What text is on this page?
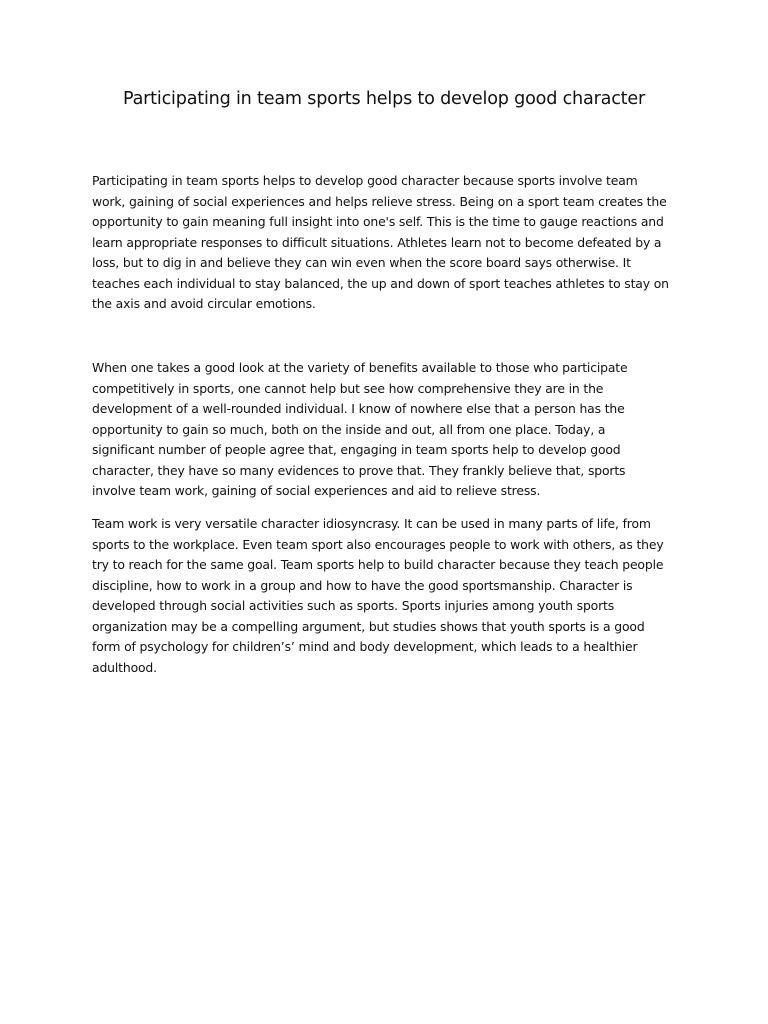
Participating in team sports helps to develop good character

Participating in team sports helps to develop good character because sports involve team work, gaining of social experiences and helps relieve stress. Being on a sport team creates the opportunity to gain meaning full insight into one's self. This is the time to gauge reactions and learn appropriate responses to difficult situations. Athletes learn not to become defeated by a loss, but to dig in and believe they can win even when the score board says otherwise. It teaches each individual to stay balanced, the up and down of sport teaches athletes to stay on the axis and avoid circular emotions.

When one takes a good look at the variety of benefits available to those who participate competitively in sports, one cannot help but see how comprehensive they are in the development of a well-rounded individual. I know of nowhere else that a person has the opportunity to gain so much, both on the inside and out, all from one place. Today, a significant number of people agree that, engaging in team sports help to develop good character, they have so many evidences to prove that. They frankly believe that, sports involve team work, gaining of social experiences and aid to relieve stress.

Team work is very versatile character idiosyncrasy. It can be used in many parts of life, from sports to the workplace. Even team sport also encourages people to work with others, as they try to reach for the same goal. Team sports help to build character because they teach people discipline, how to work in a group and how to have the good sportsmanship. Character is developed through social activities such as sports. Sports injuries among youth sports organization may be a compelling argument, but studies shows that youth sports is a good form of psychology for children’s’ mind and body development, which leads to a healthier adulthood.
